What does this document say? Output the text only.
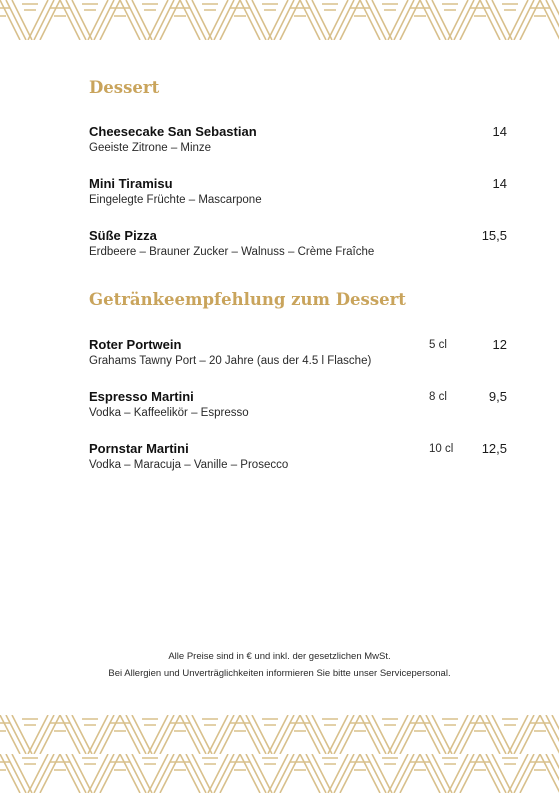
Dessert
Cheesecake San Sebastian
Geeiste Zitrone – Minze
14
Mini Tiramisu
Eingelegte Früchte – Mascarpone
14
Süße Pizza
Erdbeere – Brauner Zucker – Walnuss – Crème Fraîche
15,5
Getränkeempfehlung zum Dessert
Roter Portwein
Grahams Tawny Port – 20 Jahre (aus der 4.5 l Flasche)
5 cl	12
Espresso Martini
Vodka – Kaffeelikör – Espresso
8 cl	9,5
Pornstar Martini
Vodka – Maracuja – Vanille – Prosecco
10 cl 12,5
Alle Preise sind in € und inkl. der gesetzlichen MwSt.
Bei Allergien und Unverträglichkeiten informieren Sie bitte unser Servicepersonal.
